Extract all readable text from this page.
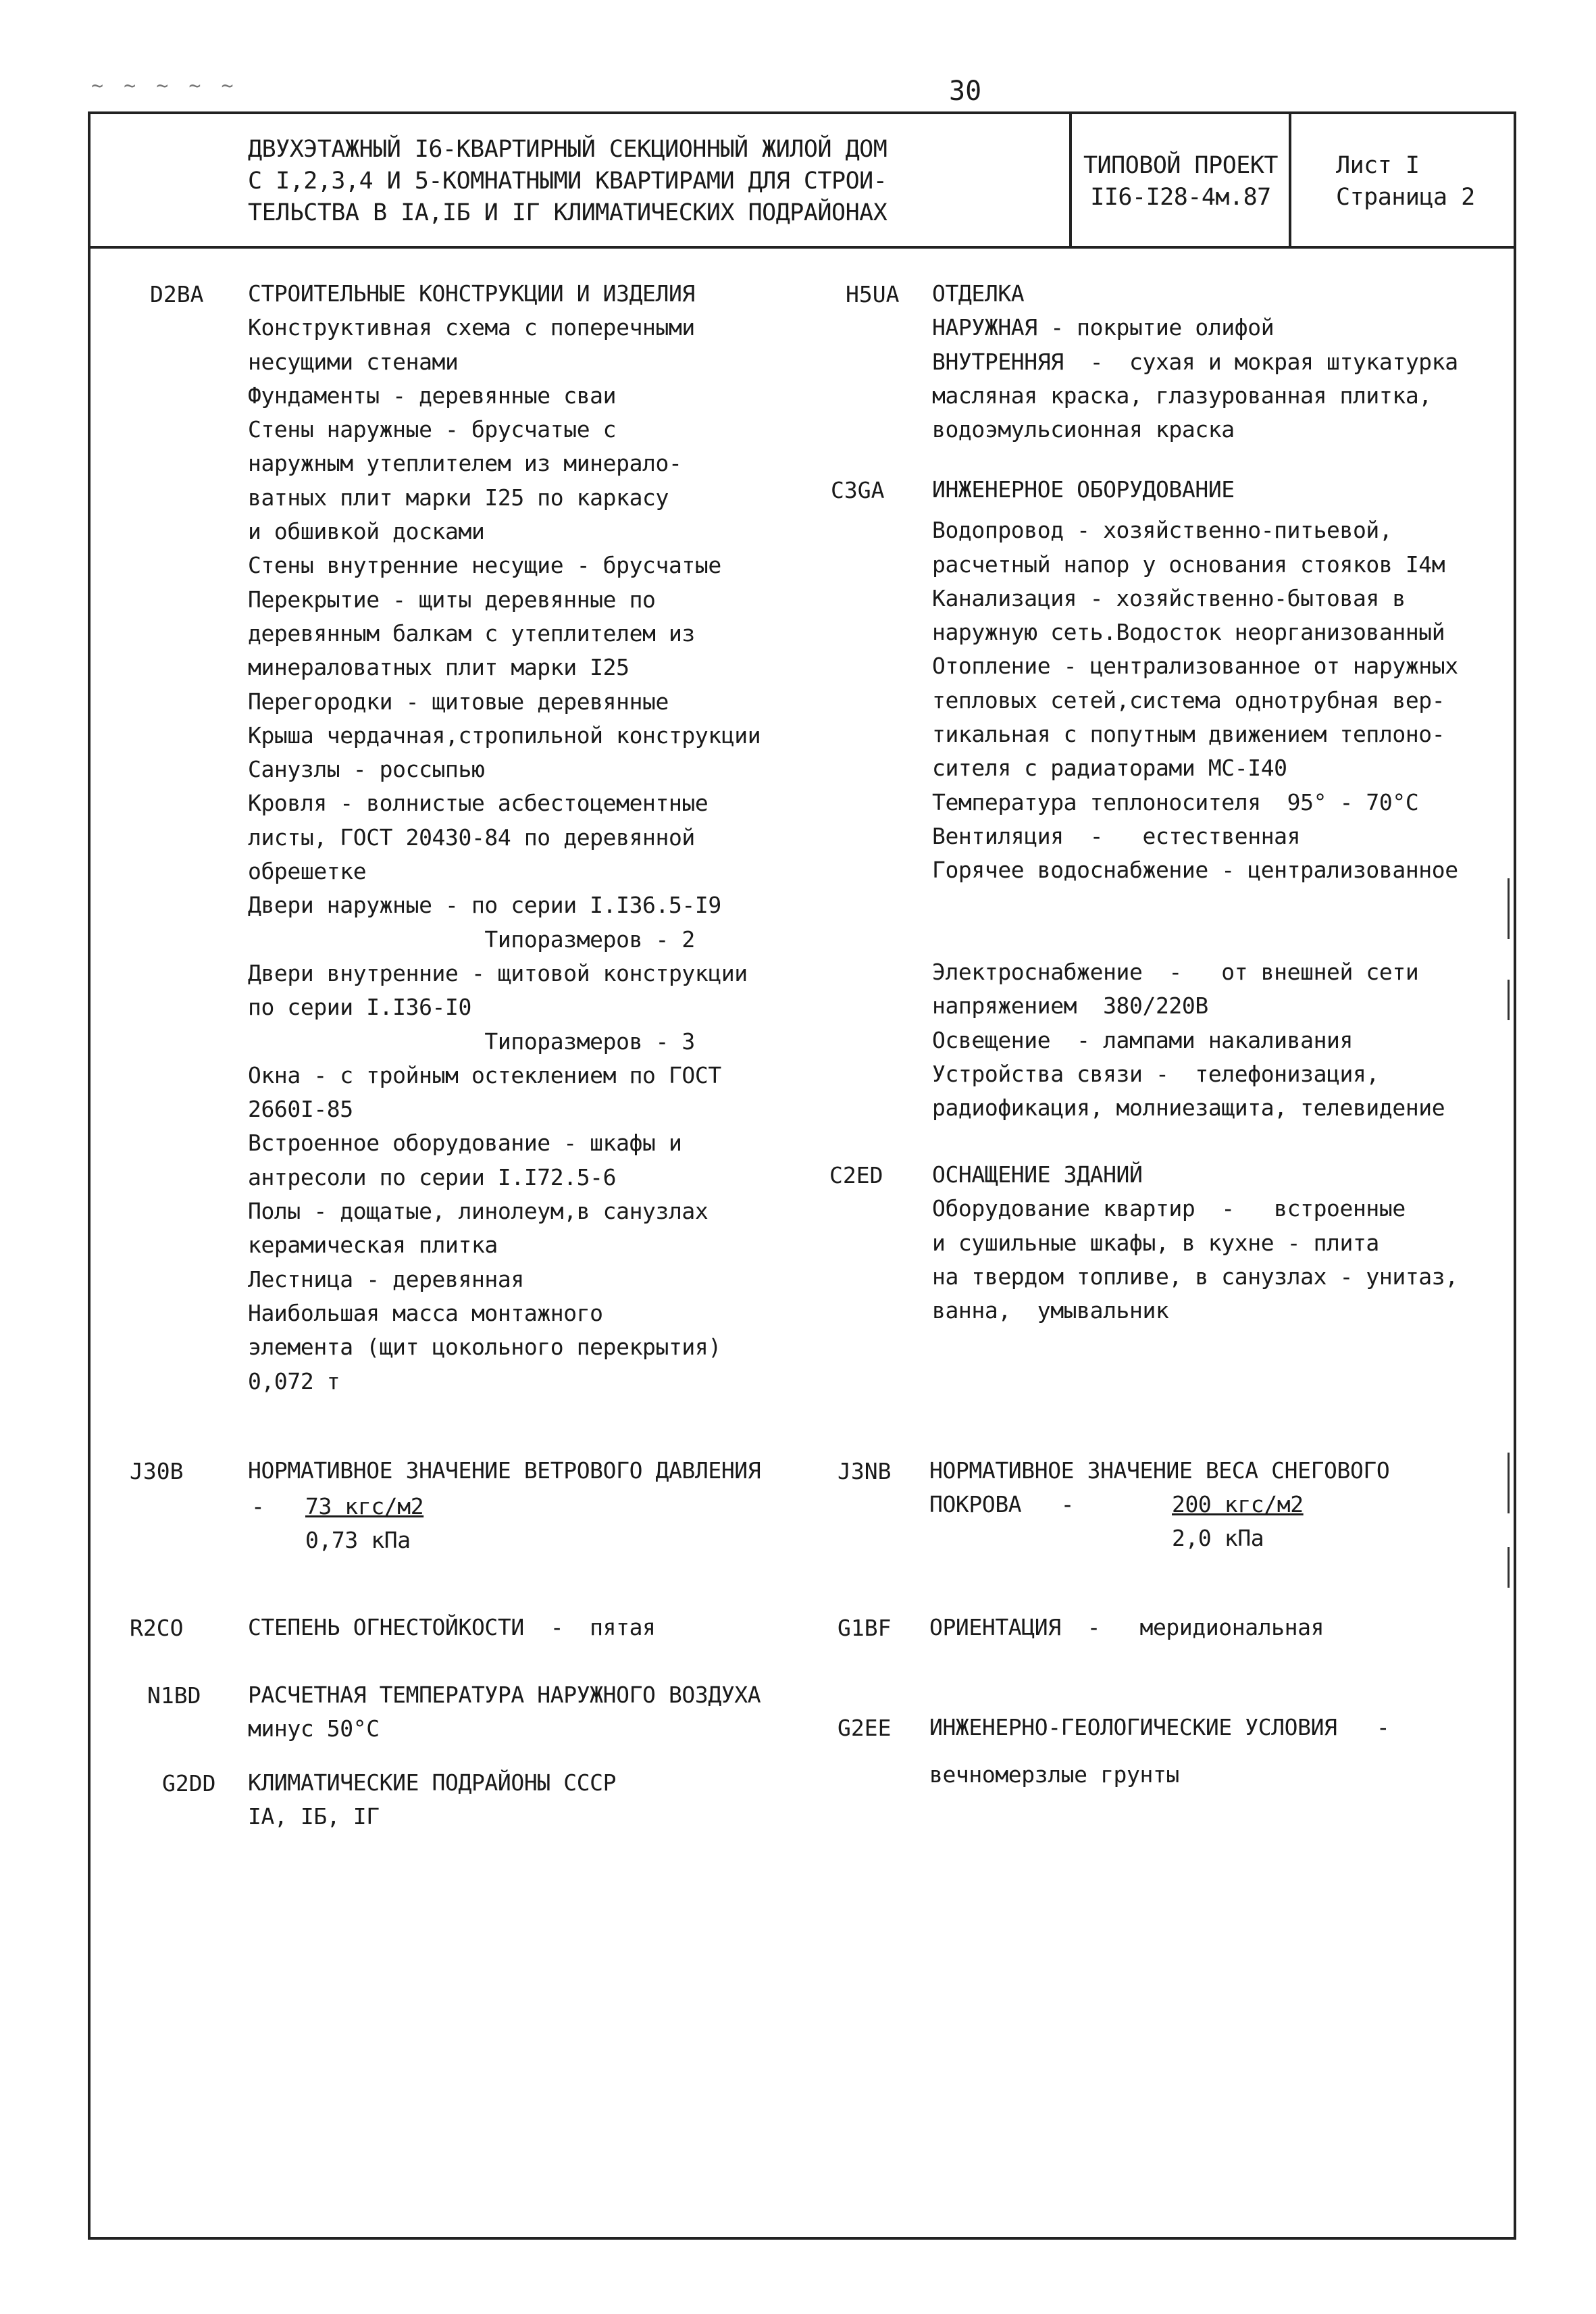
~ ~ ~ ~ ~	30
ДВУХЭТАЖНЫЙ I6-КВАРТИРНЫЙ СЕКЦИОННЫЙ ЖИЛОЙ ДОМ
С I,2,3,4 И 5-КОМНАТНЫМИ КВАРТИРАМИ ДЛЯ СТРОИ-
ТЕЛЬСТВА В IА,IБ И IГ КЛИМАТИЧЕСКИХ ПОДРАЙОНАХ
ТИПОВОЙ ПРОЕКТ
II6-I28-4м.87
Лист I
Страница 2
D2BA СТРОИТЕЛЬНЫЕ КОНСТРУКЦИИ И ИЗДЕЛИЯ
Конструктивная схема с поперечными
несущими стенами
Фундаменты - деревянные сваи
Стены наружные - брусчатые с
наружным утеплителем из минерало-
ватных плит марки I25 по каркасу
и обшивкой досками
Стены внутренние несущие - брусчатые
Перекрытие - щиты деревянные по
деревянным балкам с утеплителем из
минераловатных плит марки I25
Перегородки - щитовые деревянные
Крыша чердачная,стропильной конструкции
Санузлы - россыпью
Кровля - волнистые асбестоцементные
листы, ГОСТ 20430-84 по деревянной
обрешетке
Двери наружные - по серии I.I36.5-I9
Типоразмеров - 2
Двери внутренние - щитовой конструкции
по серии I.I36-I0
Типоразмеров - 3
Окна - с тройным остеклением по ГОСТ
2660I-85
Встроенное оборудование - шкафы и
антресоли по серии I.I72.5-6
Полы - дощатые, линолеум,в санузлах
керамическая плитка
Лестница - деревянная
Наибольшая масса монтажного
элемента (щит цокольного перекрытия)
0,072 т
J30B	НОРМАТИВНОЕ ЗНАЧЕНИЕ ВЕТРОВОГО ДАВЛЕНИЯ
- 73 кгс/м2
0,73 кПа
R2CO	СТЕПЕНЬ ОГНЕСТОЙКОСТИ  -  пятая
N1BD РАСЧЕТНАЯ ТЕМПЕРАТУРА НАРУЖНОГО ВОЗДУХА
минус 50°С
G2DD КЛИМАТИЧЕСКИЕ ПОДРАЙОНЫ СССР
IА, IБ, IГ
H5UA ОТДЕЛКА
НАРУЖНАЯ - покрытие олифой
ВНУТРЕННЯЯ  -  сухая и мокрая штукатурка
масляная краска, глазурованная плитка,
водоэмульсионная краска
C3GA ИНЖЕНЕРНОЕ ОБОРУДОВАНИЕ
Водопровод - хозяйственно-питьевой,
расчетный напор у основания стояков I4м
Канализация - хозяйственно-бытовая в
наружную сеть.Водосток неорганизованный
Отопление - централизованное от наружных
тепловых сетей,система однотрубная вер-
тикальная с попутным движением теплоно-
сителя с радиаторами МС-I40
Температура теплоносителя  95° - 70°С
Вентиляция  -   естественная
Горячее водоснабжение - централизованное
Электроснабжение  -   от внешней сети
напряжением  380/220В
Освещение  - лампами накаливания
Устройства связи -  телефонизация,
радиофикация, молниезащита, телевидение
C2ED ОСНАЩЕНИЕ ЗДАНИЙ
Оборудование квартир  -   встроенные
и сушильные шкафы, в кухне - плита
на твердом топливе, в санузлах - унитаз,
ванна,  умывальник
J3NB НОРМАТИВНОЕ ЗНАЧЕНИЕ ВЕСА СНЕГОВОГО
ПОКРОВА   -	200 кгс/м2
2,0 кПа
G1BF ОРИЕНТАЦИЯ  -   меридиональная
G2EE ИНЖЕНЕРНО-ГЕОЛОГИЧЕСКИЕ УСЛОВИЯ   -
вечномерзлые грунты
